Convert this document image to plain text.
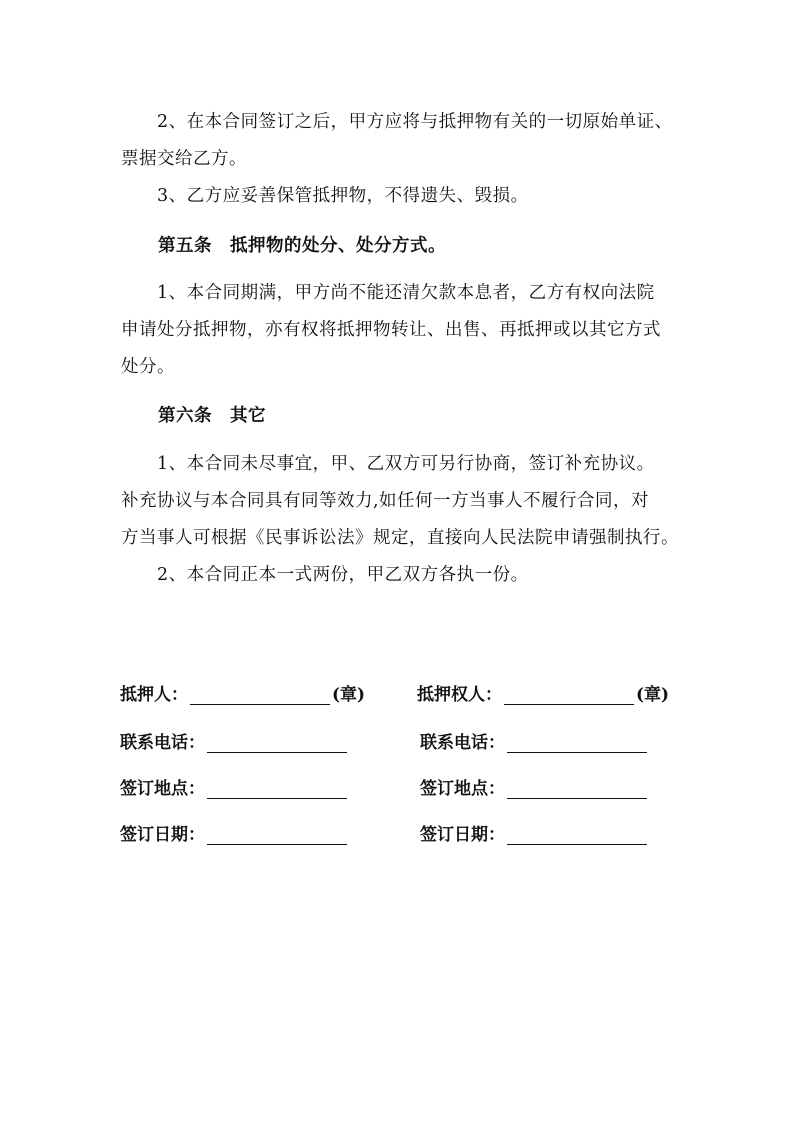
2、在本合同签订之后，甲方应将与抵押物有关的一切原始单证、
票据交给乙方。
3、乙方应妥善保管抵押物，不得遗失、毁损。
第五条 抵押物的处分、处分方式。
1、本合同期满，甲方尚不能还清欠款本息者，乙方有权向法院
申请处分抵押物，亦有权将抵押物转让、出售、再抵押或以其它方式
处分。
第六条 其它
1、本合同未尽事宜，甲、乙双方可另行协商，签订补充协议。
补充协议与本合同具有同等效力,如任何一方当事人不履行合同，对
方当事人可根据《民事诉讼法》规定，直接向人民法院申请强制执行。
2、本合同正本一式两份，甲乙双方各执一份。
抵押人：	(章)
联系电话：
签订地点：
签订日期：
抵押权人：	(章)
联系电话：
签订地点：
签订日期：
